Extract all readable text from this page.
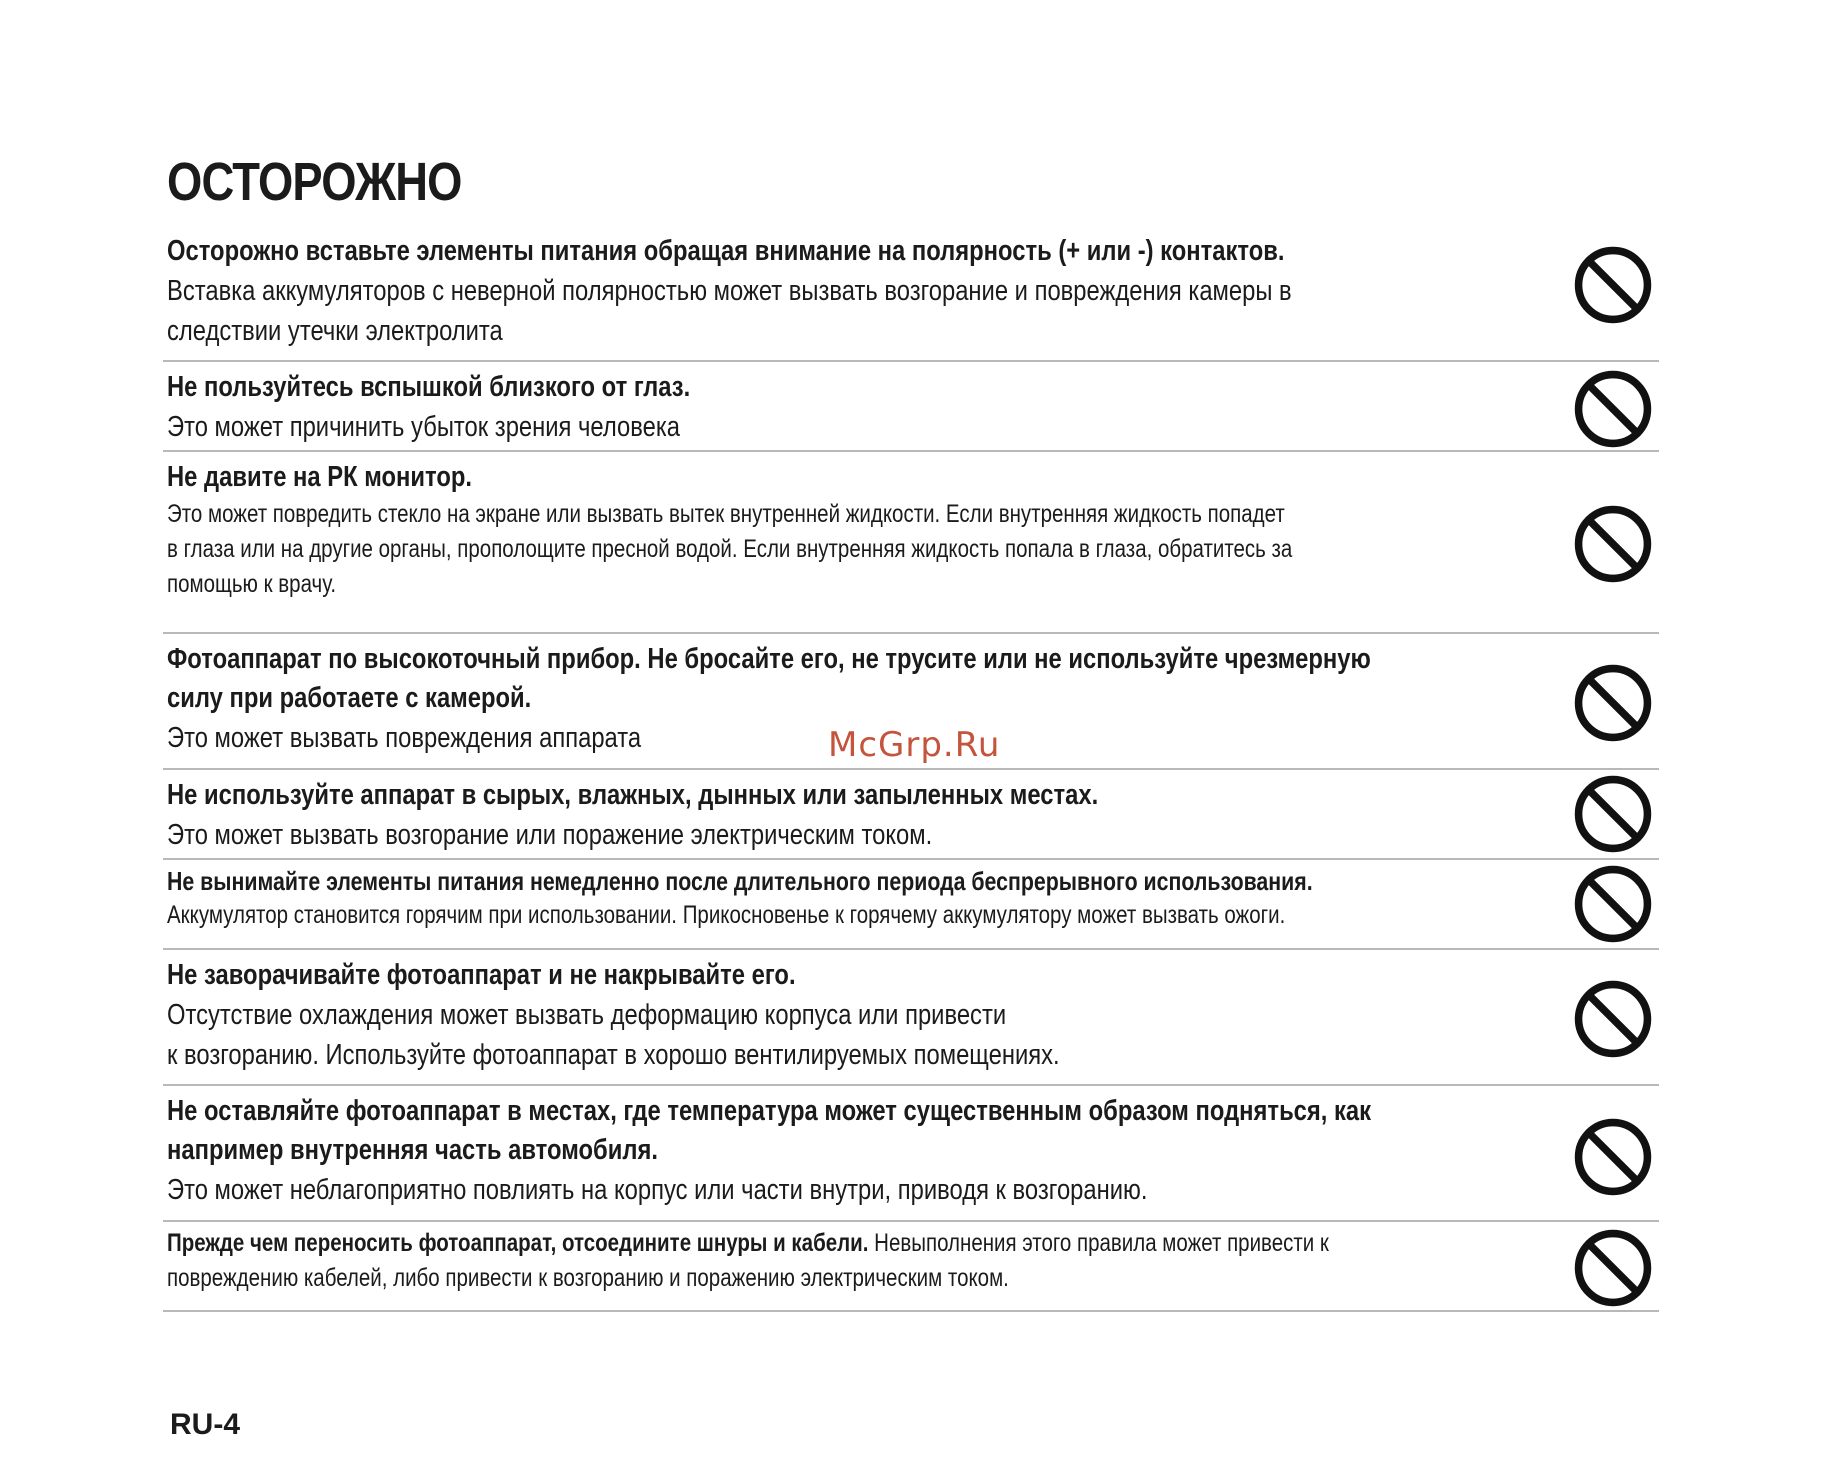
ОСТОРОЖНО

Осторожно вставьте элементы питания обращая внимание на полярность (+ или -) контактов.

Вставка аккумуляторов с неверной полярностью может вызвать возгорание и повреждения камеры в

следствии утечки электролита

Не пользуйтесь вспышкой близкого от глаз.

Это может причинить убыток зрения человека

Не давите на РК монитор.

Это может повредить стекло на экране или вызвать вытек внутренней жидкости. Если внутренняя жидкость попадет

в глаза или на другие органы, прополощите пресной водой. Если внутренняя жидкость попала в глаза, обратитесь за

помощью к врачу.

Фотоаппарат по высокоточный прибор. Не бросайте его, не трусите или не используйте чрезмерную

силу при работаете с камерой.

Это может вызвать повреждения аппарата

Не используйте аппарат в сырых, влажных, дынных или запыленных местах.

Это может вызвать возгорание или поражение электрическим током.

Не вынимайте элементы питания немедленно после длительного периода беспрерывного использования.

Аккумулятор становится горячим при использовании. Прикосновенье к горячему аккумулятору может вызвать ожоги.

Не заворачивайте фотоаппарат и не накрывайте его.

Отсутствие охлаждения может вызвать деформацию корпуса или привести

к возгоранию. Используйте фотоаппарат в хорошо вентилируемых помещениях.

Не оставляйте фотоаппарат в местах, где температура может существенным образом подняться, как

например внутренняя часть автомобиля.

Это может неблагоприятно повлиять на корпус или части внутри, приводя к возгоранию.

Прежде чем переносить фотоаппарат, отсоедините шнуры и кабели. Невыполнения этого правила может привести к

повреждению кабелей, либо привести к возгоранию и поражению электрическим током.

McGrp.Ru

RU-4
